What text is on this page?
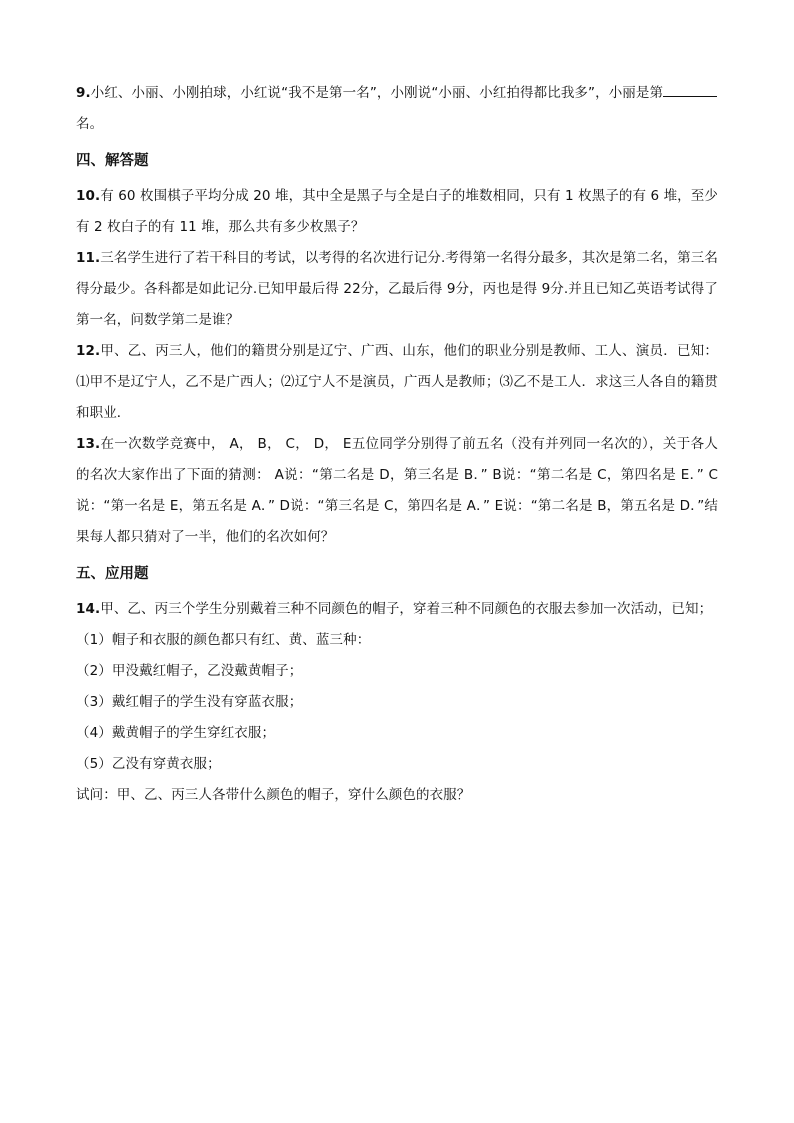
9.小红、小丽、小刚拍球，小红说“我不是第一名”，小刚说“小丽、小红拍得都比我多”，小丽是第
名。

四、解答题

10.有 60 枚围棋子平均分成 20 堆，其中全是黑子与全是白子的堆数相同，只有 1 枚黑子的有 6 堆，至少有 2 枚白子的有 11 堆，那么共有多少枚黑子？

11.三名学生进行了若干科目的考试，以考得的名次进行记分.考得第一名得分最多，其次是第二名，第三名得分最少。各科都是如此记分.已知甲最后得 22分，乙最后得 9分，丙也是得 9分.并且已知乙英语考试得了第一名，问数学第二是谁？

12.甲、乙、丙三人，他们的籍贯分别是辽宁、广西、山东，他们的职业分别是教师、工人、演员．已知：⑴甲不是辽宁人，乙不是广西人；⑵辽宁人不是演员，广西人是教师；⑶乙不是工人．求这三人各自的籍贯和职业．

13.在一次数学竞赛中， A， B， C， D， E五位同学分别得了前五名（没有并列同一名次的），关于各人的名次大家作出了下面的猜测： A说：“第二名是 D，第三名是 B．” B说：“第二名是 C，第四名是 E．” C说：“第一名是 E，第五名是 A．” D说：“第三名是 C，第四名是 A．” E说：“第二名是 B，第五名是 D．”结果每人都只猜对了一半，他们的名次如何？

五、应用题

14.甲、乙、丙三个学生分别戴着三种不同颜色的帽子，穿着三种不同颜色的衣服去参加一次活动，已知；

（1）帽子和衣服的颜色都只有红、黄、蓝三种：

（2）甲没戴红帽子，乙没戴黄帽子；

（3）戴红帽子的学生没有穿蓝衣服；

（4）戴黄帽子的学生穿红衣服；

（5）乙没有穿黄衣服；

试问：甲、乙、丙三人各带什么颜色的帽子，穿什么颜色的衣服？
